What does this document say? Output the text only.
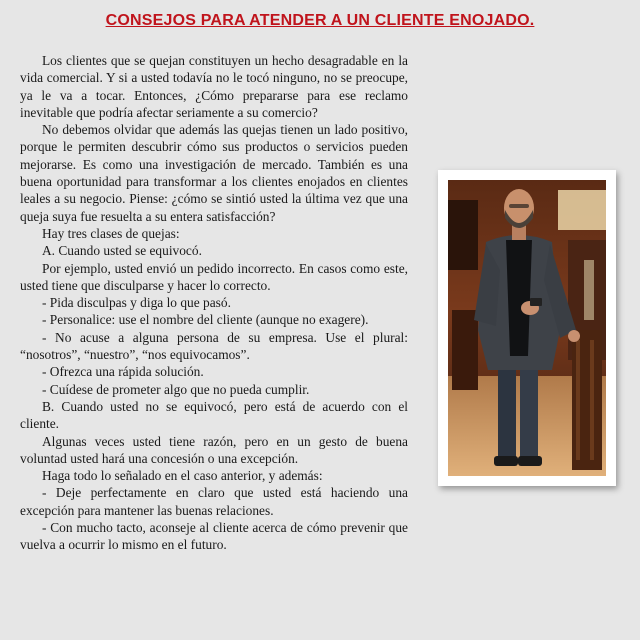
CONSEJOS PARA ATENDER A UN CLIENTE ENOJADO.

Los clientes que se quejan constituyen un hecho desagradable en la vida comercial. Y si a usted todavía no le tocó ninguno, no se preocupe, ya le va a tocar. Entonces, ¿Cómo prepararse para ese reclamo inevitable que podría afectar seriamente a su comercio?

No debemos olvidar que además las quejas tienen un lado positivo, porque le permiten descubrir cómo sus productos o servicios pueden mejorarse. Es como una investigación de mercado. También es una buena oportunidad para transformar a los clientes enojados en clientes leales a su negocio. Piense: ¿cómo se sintió usted la última vez que una queja suya fue resuelta a su entera satisfacción?

Hay tres clases de quejas:

A. Cuando usted se equivocó.

Por ejemplo, usted envió un pedido incorrecto. En casos como este, usted tiene que disculparse y hacer lo correcto.

- Pida disculpas y diga lo que pasó.

- Personalice: use el nombre del cliente (aunque no exagere).

- No acuse a alguna persona de su empresa. Use el plural: “nosotros”, “nuestro”, “nos equivocamos”.

- Ofrezca una rápida solución.

- Cuídese de prometer algo que no pueda cumplir.

B. Cuando usted no se equivocó, pero está de acuerdo con el cliente.

Algunas veces usted tiene razón, pero en un gesto de buena voluntad usted hará una concesión o una excepción.

Haga todo lo señalado en el caso anterior, y además:

- Deje perfectamente en claro que usted está haciendo una excepción para mantener las buenas relaciones.

- Con mucho tacto, aconseje al cliente acerca de cómo prevenir que vuelva a ocurrir lo mismo en el futuro.
